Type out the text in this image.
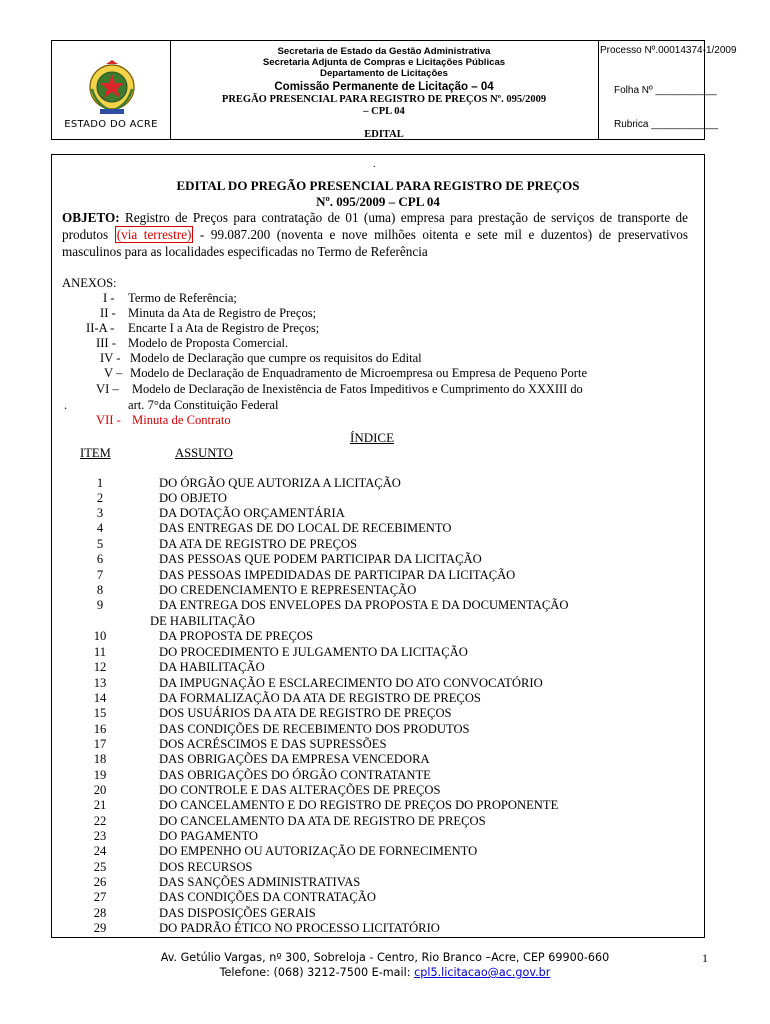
ESTADO DO ACRE
Secretaria de Estado da Gestão Administrativa
Secretaria Adjunta de Compras e Licitações Públicas
Departamento de Licitações
Comissão Permanente de Licitação – 04
PREGÃO PRESENCIAL PARA REGISTRO DE PREÇOS Nº. 095/2009
– CPL 04
EDITAL
Processo Nº.00014374-1/2009
Folha Nº ___________
Rubrica ____________
.
EDITAL DO PREGÃO PRESENCIAL PARA REGISTRO DE PREÇOS
Nº. 095/2009 – CPL 04
OBJETO: Registro de Preços para contratação de 01 (uma) empresa para prestação de serviços de transporte de produtos (via terrestre) - 99.087.200 (noventa e nove milhões oitenta e sete mil e duzentos) de preservativos masculinos para as localidades especificadas no Termo de Referência
ANEXOS:
I - Termo de Referência;
II - Minuta da Ata de Registro de Preços;
II-A - Encarte I a Ata de Registro de Preços;
III - Modelo de Proposta Comercial.
IV - Modelo de Declaração que cumpre os requisitos do Edital
V – Modelo de Declaração de Enquadramento de Microempresa ou Empresa de Pequeno Porte
VI – Modelo de Declaração de Inexistência de Fatos Impeditivos e Cumprimento do XXXIII do
.	art. 7°da Constituição Federal
VII - Minuta de Contrato
ÍNDICE
ITEM	ASSUNTO
1	DO ÓRGÃO QUE AUTORIZA A LICITAÇÃO
2	DO OBJETO
3	DA DOTAÇÃO ORÇAMENTÁRIA
4	DAS ENTREGAS DE DO LOCAL DE RECEBIMENTO
5	DA ATA DE REGISTRO DE PREÇOS
6	DAS PESSOAS QUE PODEM PARTICIPAR DA LICITAÇÃO
7	DAS PESSOAS IMPEDIDADAS DE PARTICIPAR DA LICITAÇÃO
8	DO CREDENCIAMENTO E REPRESENTAÇÃO
9	DA ENTREGA DOS ENVELOPES DA PROPOSTA E DA DOCUMENTAÇÃO
DE HABILITAÇÃO
10	DA PROPOSTA DE PREÇOS
11	DO PROCEDIMENTO E JULGAMENTO DA LICITAÇÃO
12	DA HABILITAÇÃO
13	DA IMPUGNAÇÃO E ESCLARECIMENTO DO ATO CONVOCATÓRIO
14	DA FORMALIZAÇÃO DA ATA DE REGISTRO DE PREÇOS
15	DOS USUÁRIOS DA ATA DE REGISTRO DE PREÇOS
16	DAS CONDIÇÕES DE RECEBIMENTO DOS PRODUTOS
17	DOS ACRÉSCIMOS E DAS SUPRESSÕES
18	DAS OBRIGAÇÕES DA EMPRESA VENCEDORA
19	DAS OBRIGAÇÕES DO ÓRGÃO CONTRATANTE
20	DO CONTROLE E DAS ALTERAÇÕES DE PREÇOS
21	DO CANCELAMENTO E DO REGISTRO DE PREÇOS DO PROPONENTE
22	DO CANCELAMENTO DA ATA DE REGISTRO DE PREÇOS
23	DO PAGAMENTO
24	DO EMPENHO OU AUTORIZAÇÃO DE FORNECIMENTO
25	DOS RECURSOS
26	DAS SANÇÕES ADMINISTRATIVAS
27	DAS CONDIÇÕES DA CONTRATAÇÃO
28	DAS DISPOSIÇÕES GERAIS
29	DO PADRÃO ÉTICO NO PROCESSO LICITATÓRIO
Av. Getúlio Vargas, nº 300, Sobreloja - Centro, Rio Branco –Acre, CEP 69900-660
Telefone: (068) 3212-7500 E-mail: cpl5.licitacao@ac.gov.br
1
